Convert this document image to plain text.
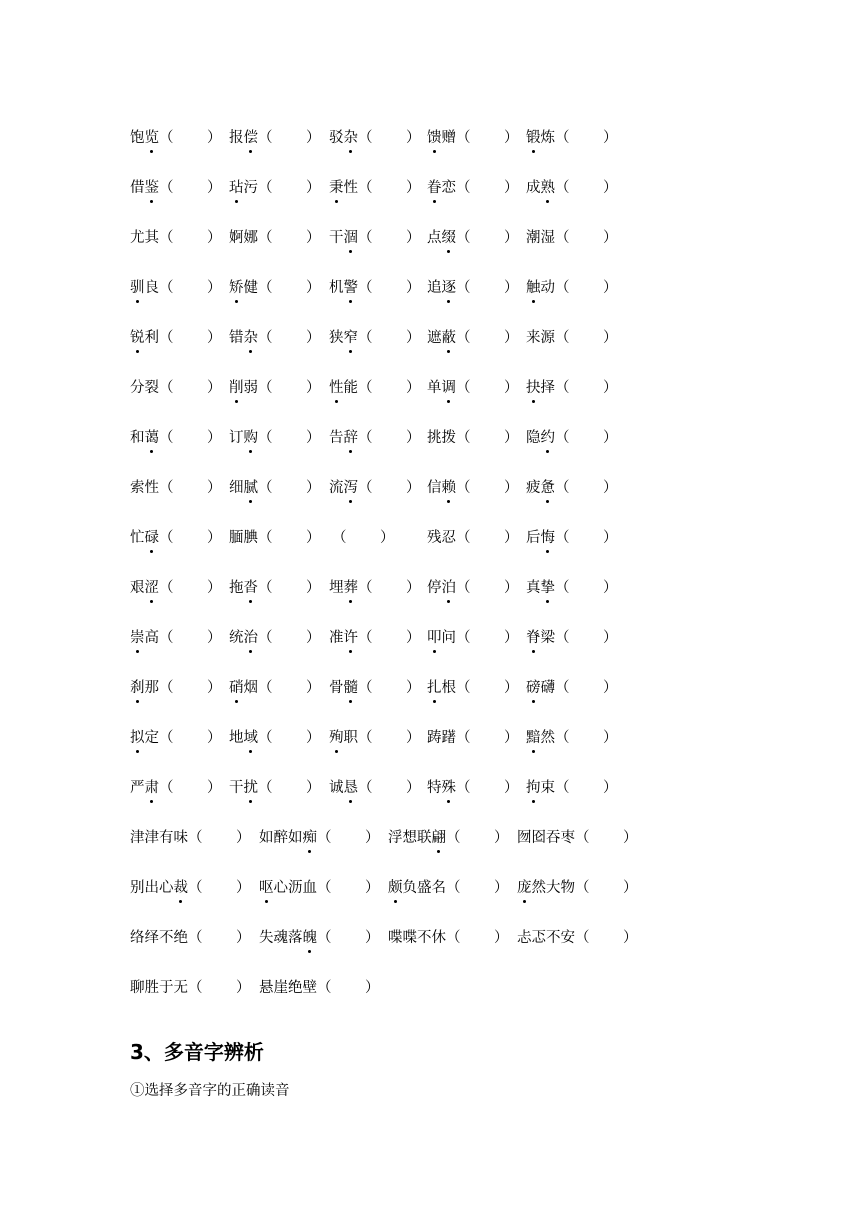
饱览（　　） 报偿（　　） 驳杂（　　） 馈赠（　　） 锻炼（　　）
借鉴（　　） 玷污（　　） 秉性（　　） 眷恋（　　） 成熟（　　）
尤其（　　） 婀娜（　　） 干涸（　　） 点缀（　　） 潮湿（　　）
驯良（　　） 矫健（　　） 机警（　　） 追逐（　　） 触动（　　）
锐利（　　） 错杂（　　） 狭窄（　　） 遮蔽（　　） 来源（　　）
分裂（　　） 削弱（　　） 性能（　　） 单调（　　） 抉择（　　）
和蔼（　　） 订购（　　） 告辞（　　） 挑拨（　　） 隐约（　　）
索性（　　） 细腻（　　） 流泻（　　） 信赖（　　） 疲惫（　　）
忙碌（　　） 腼腆（　　） （　　） 残忍（　　） 后悔（　　）
艰涩（　　） 拖沓（　　） 埋葬（　　） 停泊（　　） 真挚（　　）
崇高（　　） 统治（　　） 准许（　　） 叩问（　　） 脊梁（　　）
刹那（　　） 硝烟（　　） 骨髓（　　） 扎根（　　） 磅礴（　　）
拟定（　　） 地域（　　） 殉职（　　） 踌躇（　　） 黯然（　　）
严肃（　　） 干扰（　　） 诚恳（　　） 特殊（　　） 拘束（　　）
津津有味（　　） 如醉如痴（　　） 浮想联翩（　　） 囫囵吞枣（　　）
别出心裁（　　） 呕心沥血（　　） 颇负盛名（　　） 庞然大物（　　）
络绎不绝（　　） 失魂落魄（　　） 喋喋不休（　　） 忐忑不安（　　）
聊胜于无（　　） 悬崖绝壁（　　）
3、多音字辨析

①选择多音字的正确读音
